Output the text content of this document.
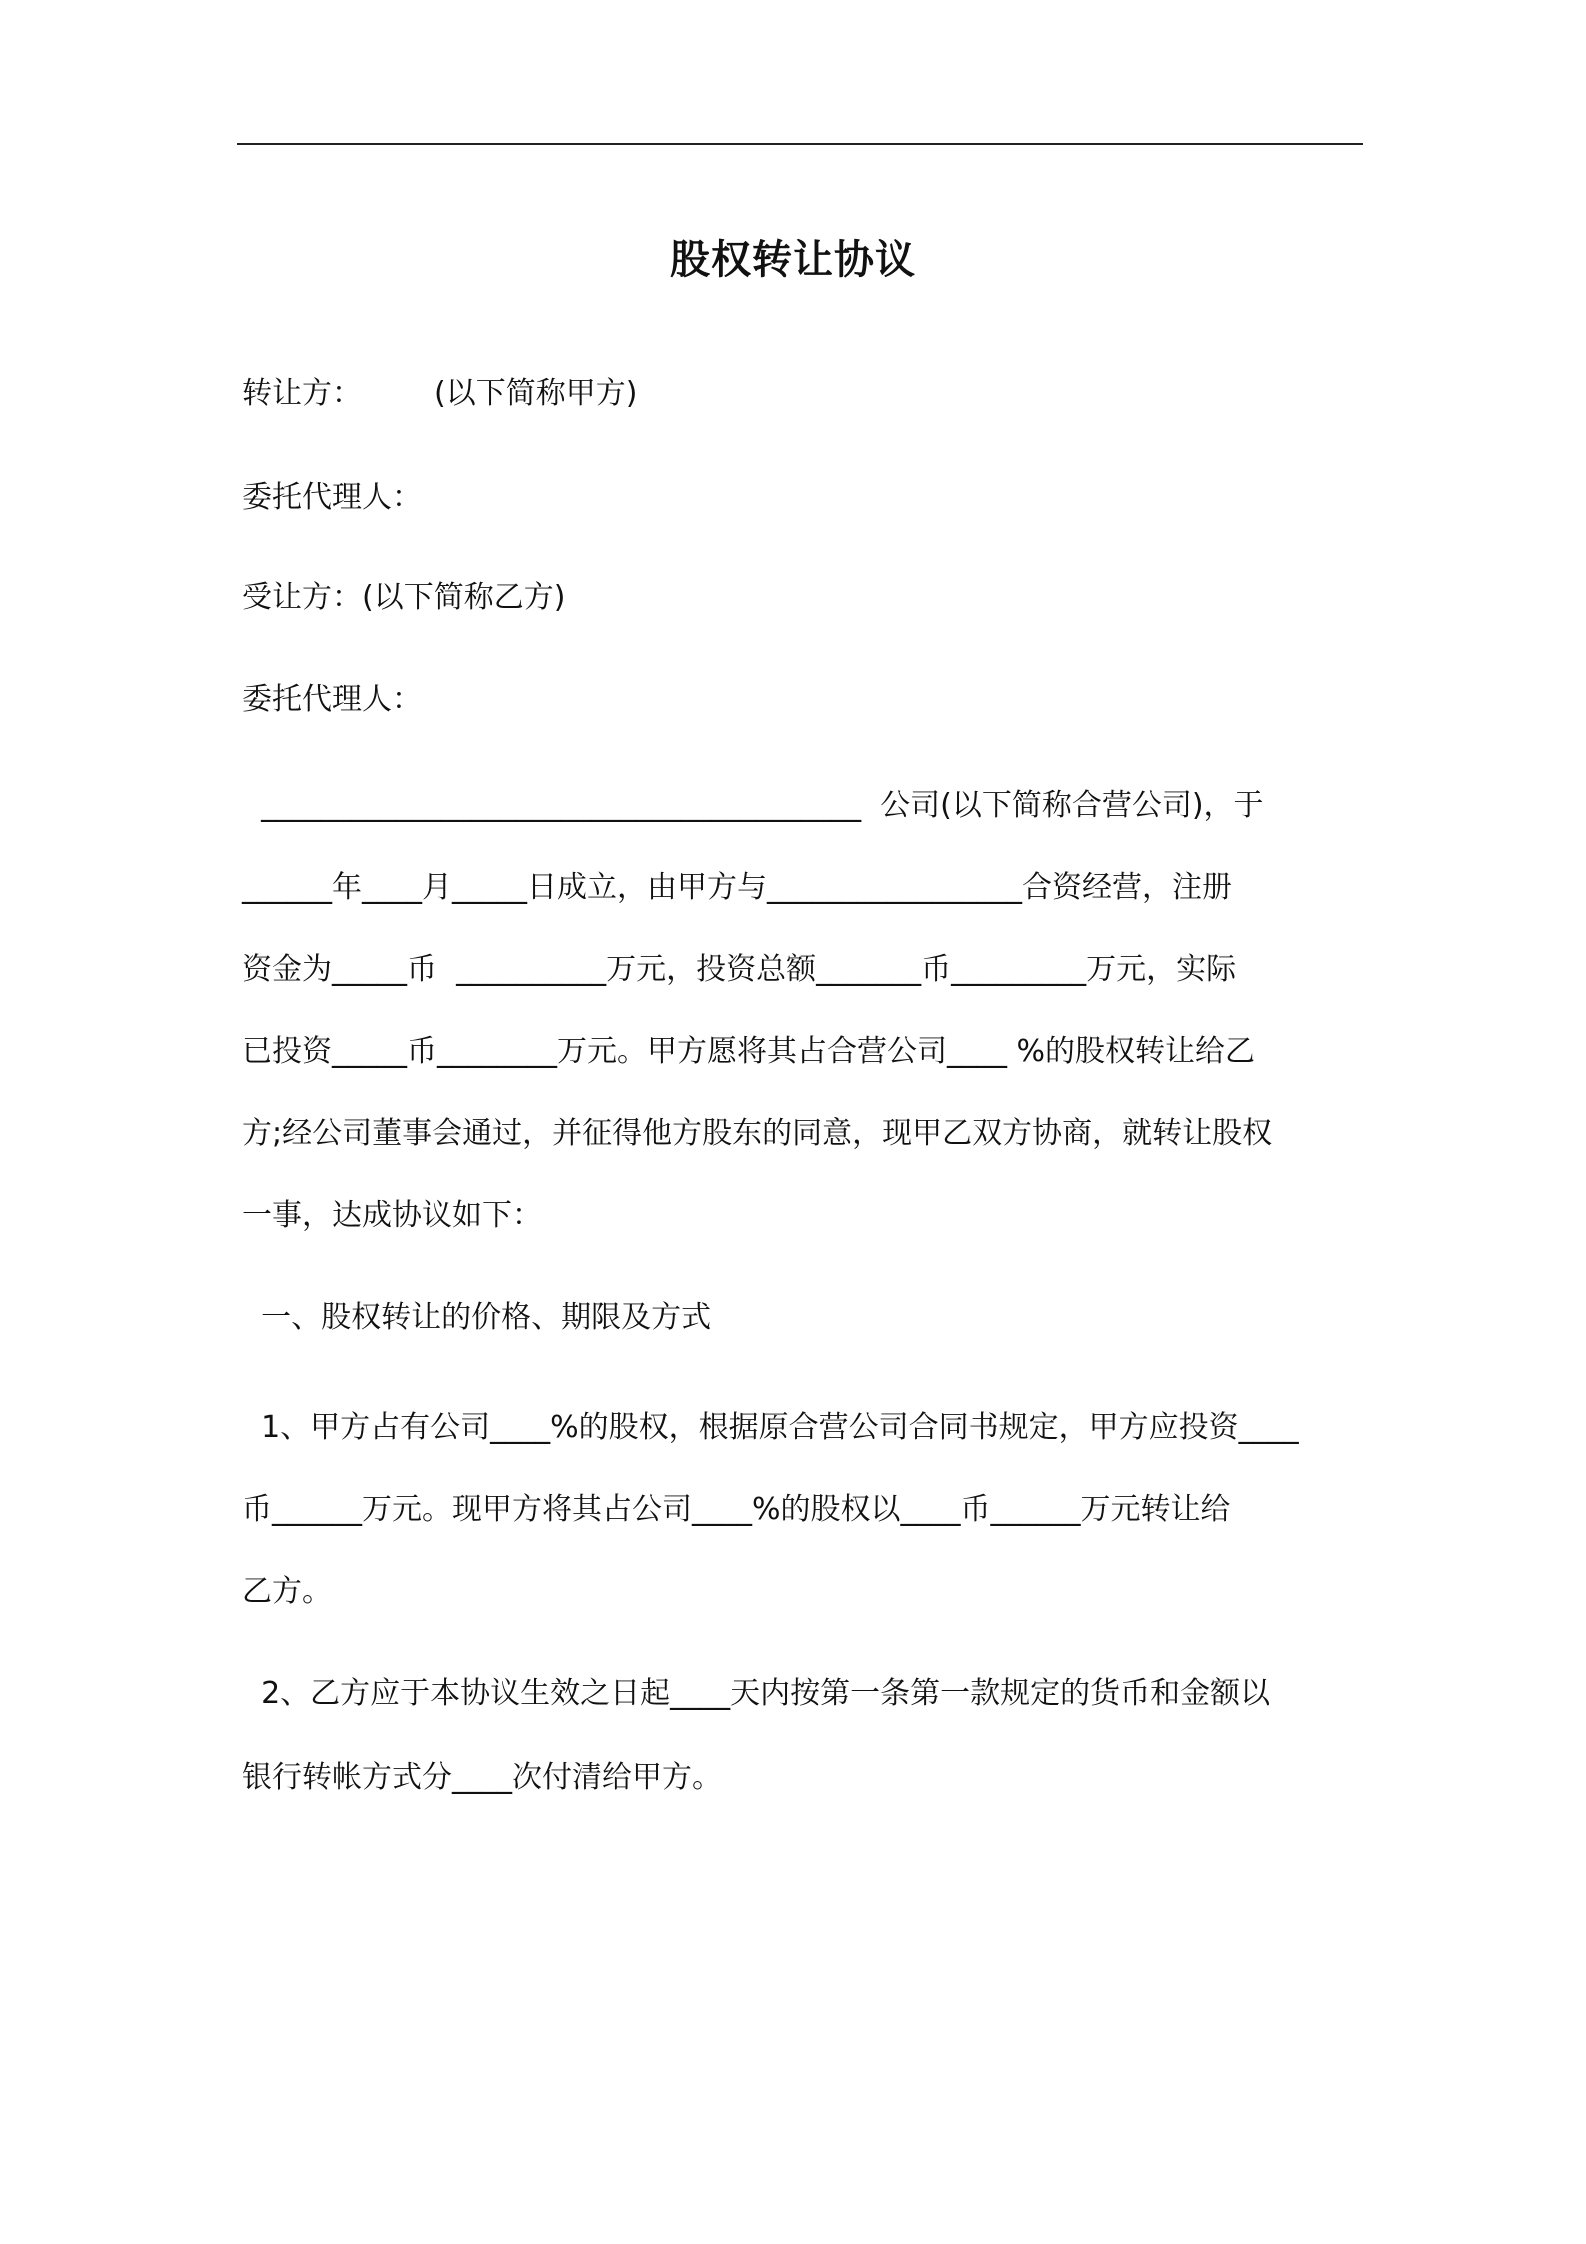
股权转让协议
转让方： (以下简称甲方)
委托代理人：
受让方：(以下简称乙方)
委托代理人：
________________________________________  公司(以下简称合营公司)，于
______年____月_____日成立，由甲方与_________________合资经营，注册
资金为_____币  __________万元，投资总额_______币_________万元，实际
已投资_____币________万元。甲方愿将其占合营公司____ %的股权转让给乙
方;经公司董事会通过，并征得他方股东的同意，现甲乙双方协商，就转让股权
一事，达成协议如下：
一、股权转让的价格、期限及方式
1、甲方占有公司____%的股权，根据原合营公司合同书规定，甲方应投资____
币______万元。现甲方将其占公司____%的股权以____币______万元转让给
乙方。
2、乙方应于本协议生效之日起____天内按第一条第一款规定的货币和金额以
银行转帐方式分____次付清给甲方。
